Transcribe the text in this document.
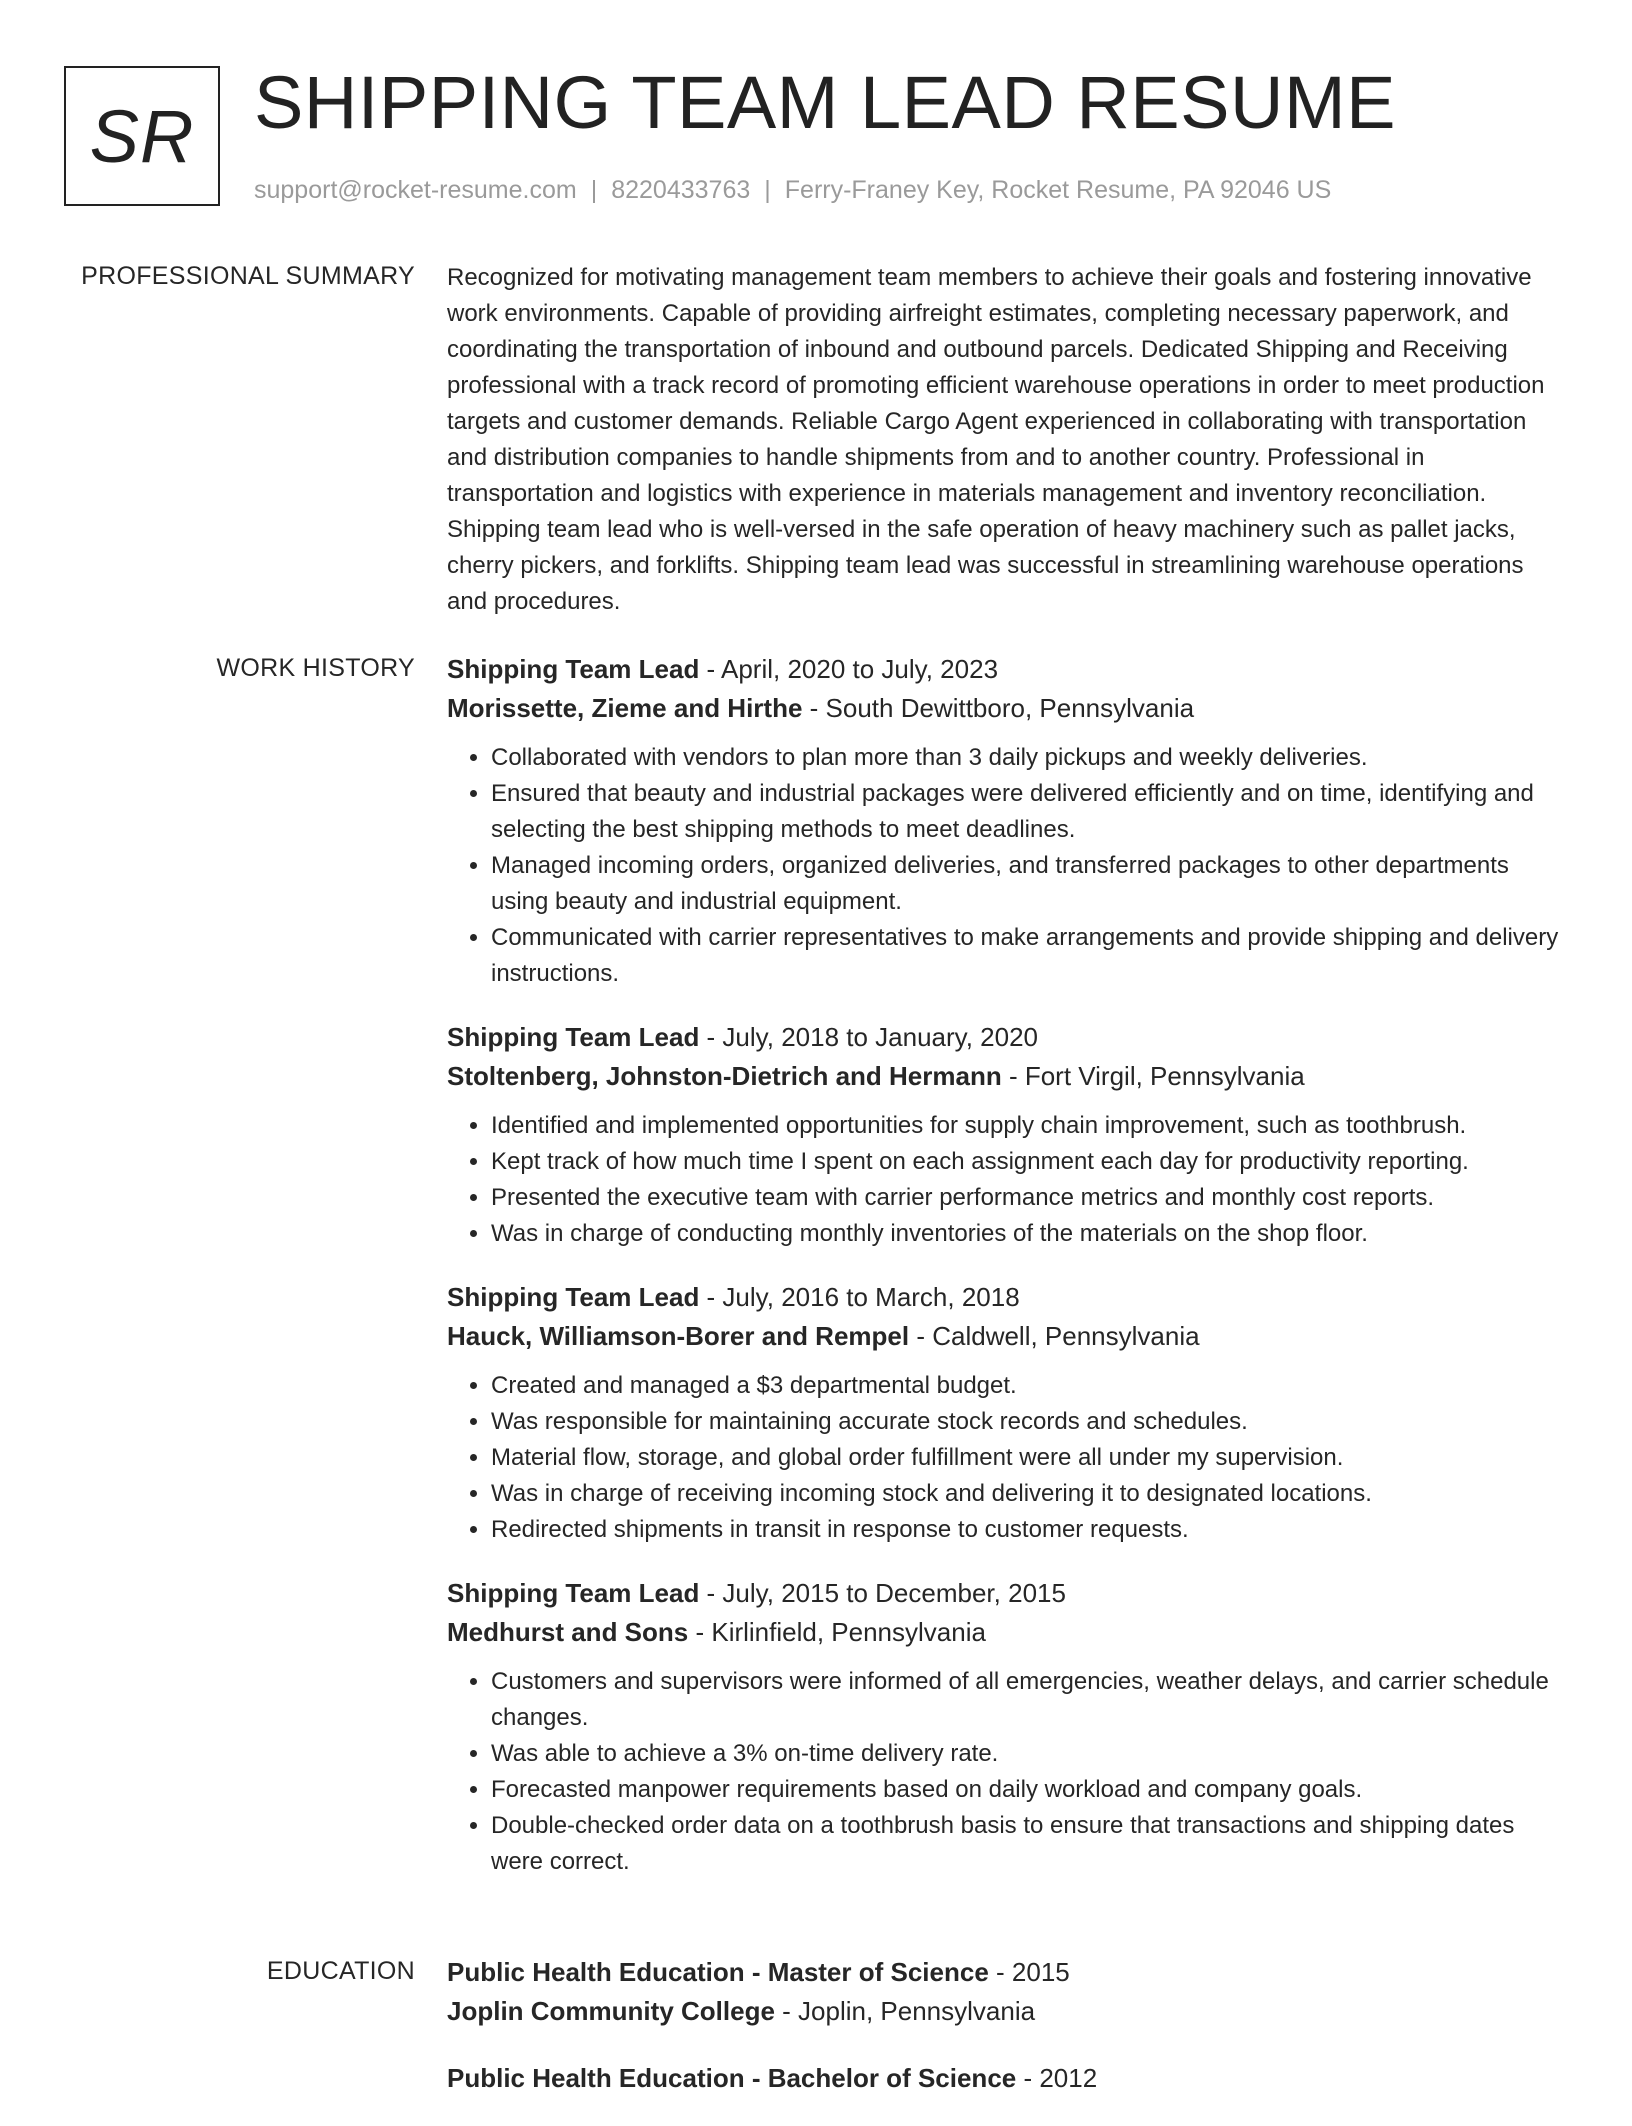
SR SHIPPING TEAM LEAD RESUME
support@rocket-resume.com | 8220433763 | Ferry-Franey Key, Rocket Resume, PA 92046 US
PROFESSIONAL SUMMARY Recognized for motivating management team members to achieve their goals and fostering innovative work environments. Capable of providing airfreight estimates, completing necessary paperwork, and coordinating the transportation of inbound and outbound parcels. Dedicated Shipping and Receiving professional with a track record of promoting efficient warehouse operations in order to meet production targets and customer demands. Reliable Cargo Agent experienced in collaborating with transportation and distribution companies to handle shipments from and to another country. Professional in transportation and logistics with experience in materials management and inventory reconciliation. Shipping team lead who is well-versed in the safe operation of heavy machinery such as pallet jacks, cherry pickers, and forklifts. Shipping team lead was successful in streamlining warehouse operations and procedures.

WORK HISTORY Shipping Team Lead - April, 2020 to July, 2023
Morissette, Zieme and Hirthe - South Dewittboro, Pennsylvania
• Collaborated with vendors to plan more than 3 daily pickups and weekly deliveries.
• Ensured that beauty and industrial packages were delivered efficiently and on time, identifying and selecting the best shipping methods to meet deadlines.
• Managed incoming orders, organized deliveries, and transferred packages to other departments using beauty and industrial equipment.
• Communicated with carrier representatives to make arrangements and provide shipping and delivery instructions.
Shipping Team Lead - July, 2018 to January, 2020
Stoltenberg, Johnston-Dietrich and Hermann - Fort Virgil, Pennsylvania
• Identified and implemented opportunities for supply chain improvement, such as toothbrush.
• Kept track of how much time I spent on each assignment each day for productivity reporting.
• Presented the executive team with carrier performance metrics and monthly cost reports.
• Was in charge of conducting monthly inventories of the materials on the shop floor.
Shipping Team Lead - July, 2016 to March, 2018
Hauck, Williamson-Borer and Rempel - Caldwell, Pennsylvania
• Created and managed a $3 departmental budget.
• Was responsible for maintaining accurate stock records and schedules.
• Material flow, storage, and global order fulfillment were all under my supervision.
• Was in charge of receiving incoming stock and delivering it to designated locations.
• Redirected shipments in transit in response to customer requests.
Shipping Team Lead - July, 2015 to December, 2015
Medhurst and Sons - Kirlinfield, Pennsylvania
• Customers and supervisors were informed of all emergencies, weather delays, and carrier schedule changes.
• Was able to achieve a 3% on-time delivery rate.
• Forecasted manpower requirements based on daily workload and company goals.
• Double-checked order data on a toothbrush basis to ensure that transactions and shipping dates were correct.
EDUCATION Public Health Education - Master of Science - 2015
Joplin Community College - Joplin, Pennsylvania
Public Health Education - Bachelor of Science - 2012
